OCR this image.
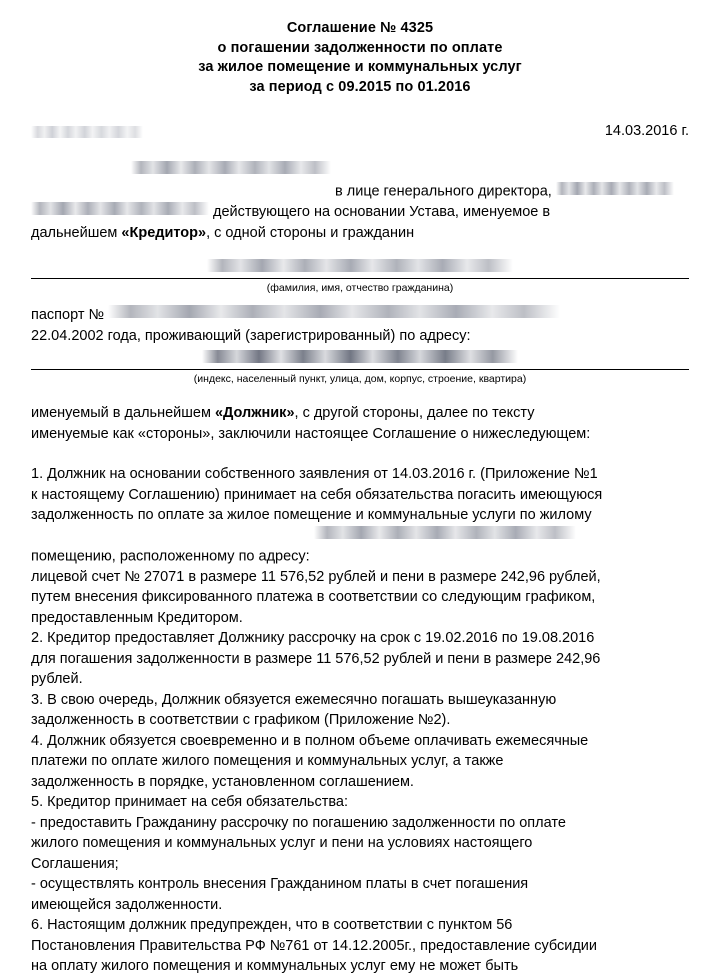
Соглашение № 4325
о погашении задолженности по оплате
за жилое помещение и коммунальных услуг
за период с 09.2015 по 01.2016
14.03.2016 г.
в лице генерального директора,
действующего на основании Устава, именуемое в
дальнейшем «Кредитор», с одной стороны и гражданин
(фамилия, имя, отчество гражданина)
паспорт №
22.04.2002 года, проживающий (зарегистрированный) по адресу:
(индекс, населенный пункт, улица, дом, корпус, строение, квартира)
именуемый в дальнейшем «Должник», с другой стороны, далее по тексту
именуемые как «стороны», заключили настоящее Соглашение о нижеследующем:

1. Должник на основании собственного заявления от 14.03.2016 г. (Приложение №1
к настоящему Соглашению) принимает на себя обязательства погасить имеющуюся
задолженность по оплате за жилое помещение и коммунальные услуги по жилому
помещению, расположенному по адресу:
лицевой счет № 27071 в размере 11 576,52 рублей и пени в размере 242,96 рублей,
путем внесения фиксированного платежа в соответствии со следующим графиком,
предоставленным Кредитором.

2. Кредитор предоставляет Должнику рассрочку на срок с 19.02.2016 по 19.08.2016
для погашения задолженности в размере 11 576,52 рублей и пени в размере 242,96
рублей.

3. В свою очередь, Должник обязуется ежемесячно погашать вышеуказанную
задолженность в соответствии с графиком (Приложение №2).

4. Должник обязуется своевременно и в полном объеме оплачивать ежемесячные
платежи по оплате жилого помещения и коммунальных услуг, а также
задолженность в порядке, установленном соглашением.

5. Кредитор принимает на себя обязательства:
- предоставить Гражданину рассрочку по погашению задолженности по оплате
жилого помещения и коммунальных услуг и пени на условиях настоящего
Соглашения;
- осуществлять контроль внесения Гражданином платы в счет погашения
имеющейся задолженности.

6. Настоящим должник предупрежден, что в соответствии с пунктом 56
Постановления Правительства РФ №761 от 14.12.2005г., предоставление субсидии
на оплату жилого помещения и коммунальных услуг ему не может быть
